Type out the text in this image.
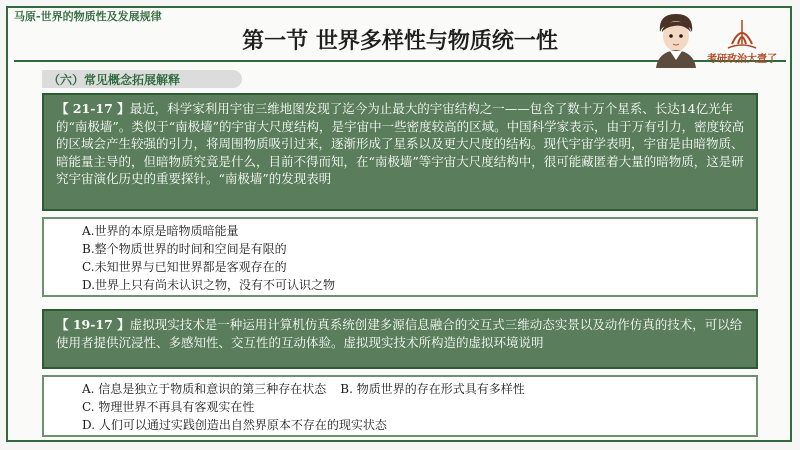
马原-世界的物质性及发展规律
第一节 世界多样性与物质统一性
考研政治大壹了
（六）常见概念拓展解释
【 21-17 】最近，科学家利用宇宙三维地图发现了迄今为止最大的宇宙结构之一——包含了数十万个星系、长达14亿光年的“南极墙”。类似于“南极墙”的宇宙大尺度结构，是宇宙中一些密度较高的区域。中国科学家表示，由于万有引力，密度较高的区域会产生较强的引力，将周围物质吸引过来，逐渐形成了星系以及更大尺度的结构。现代宇宙学表明，宇宙是由暗物质、暗能量主导的，但暗物质究竟是什么，目前不得而知，在“南极墙”等宇宙大尺度结构中，很可能藏匿着大量的暗物质，这是研究宇宙演化历史的重要探针。“南极墙”的发现表明
A.世界的本原是暗物质暗能量
B.整个物质世界的时间和空间是有限的
C.未知世界与已知世界都是客观存在的
D.世界上只有尚未认识之物，没有不可认识之物
【 19-17 】虚拟现实技术是一种运用计算机仿真系统创建多源信息融合的交互式三维动态实景以及动作仿真的技术，可以给使用者提供沉浸性、多感知性、交互性的互动体验。虚拟现实技术所构造的虚拟环境说明
A. 信息是独立于物质和意识的第三种存在状态 B. 物质世界的存在形式具有多样性
C. 物理世界不再具有客观实在性
D. 人们可以通过实践创造出自然界原本不存在的现实状态
